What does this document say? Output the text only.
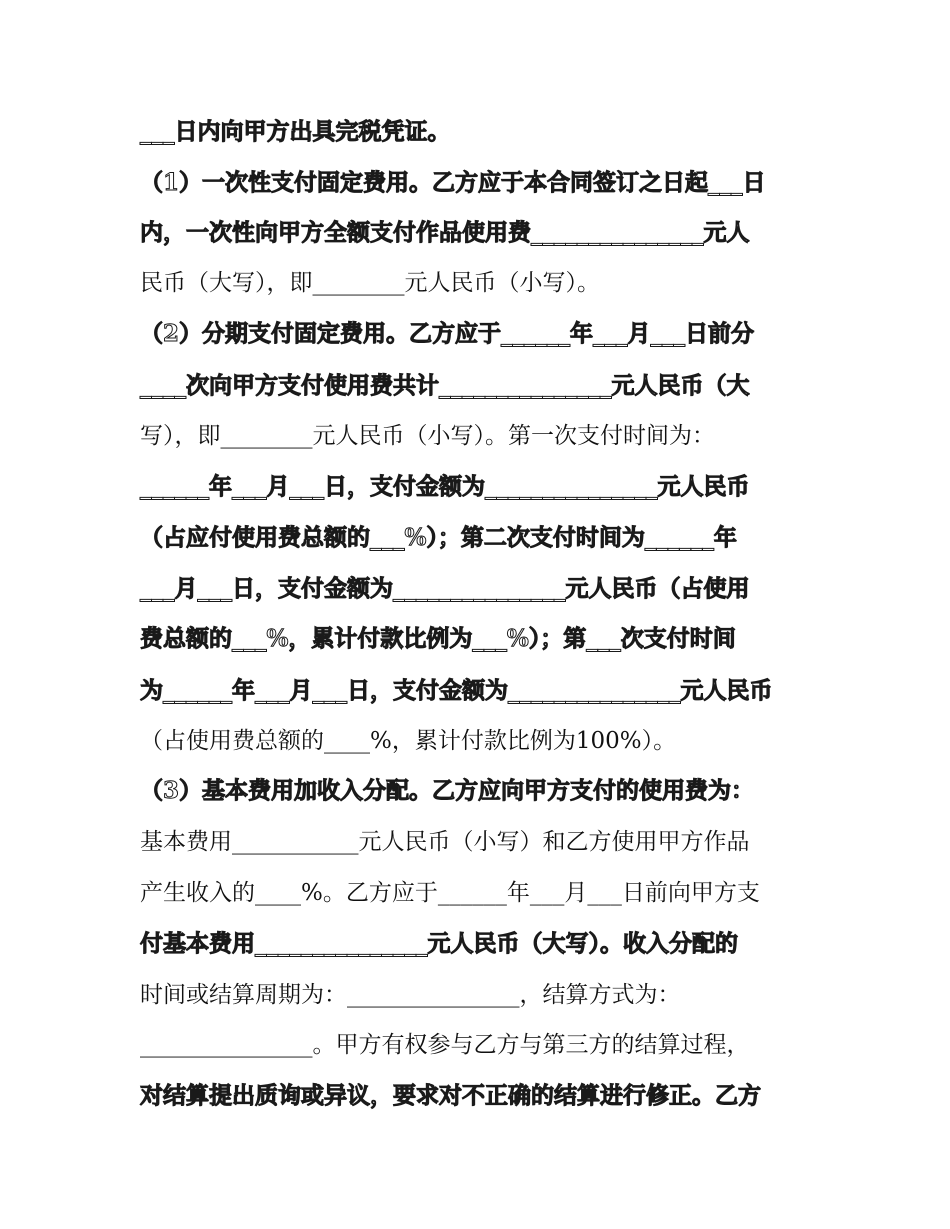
___日内向甲方出具完税凭证。
（1）一次性支付固定费用。乙方应于本合同签订之日起___日
内，一次性向甲方全额支付作品使用费_______________元人
民币（大写），即________元人民币（小写）。
（2）分期支付固定费用。乙方应于______年___月___日前分
____次向甲方支付使用费共计_______________元人民币（大
写），即________元人民币（小写）。第一次支付时间为：
______年___月___日，支付金额为_______________元人民币
（占应付使用费总额的___%）；第二次支付时间为______年
___月___日，支付金额为_______________元人民币（占使用
费总额的___%，累计付款比例为___%）；第___次支付时间
为______年___月___日，支付金额为_______________元人民币
（占使用费总额的____%，累计付款比例为100%）。
（3）基本费用加收入分配。乙方应向甲方支付的使用费为：
基本费用___________元人民币（小写）和乙方使用甲方作品
产生收入的____%。乙方应于______年___月___日前向甲方支
付基本费用_______________元人民币（大写）。收入分配的
时间或结算周期为：_______________，结算方式为：
_______________。甲方有权参与乙方与第三方的结算过程，
对结算提出质询或异议，要求对不正确的结算进行修正。乙方
